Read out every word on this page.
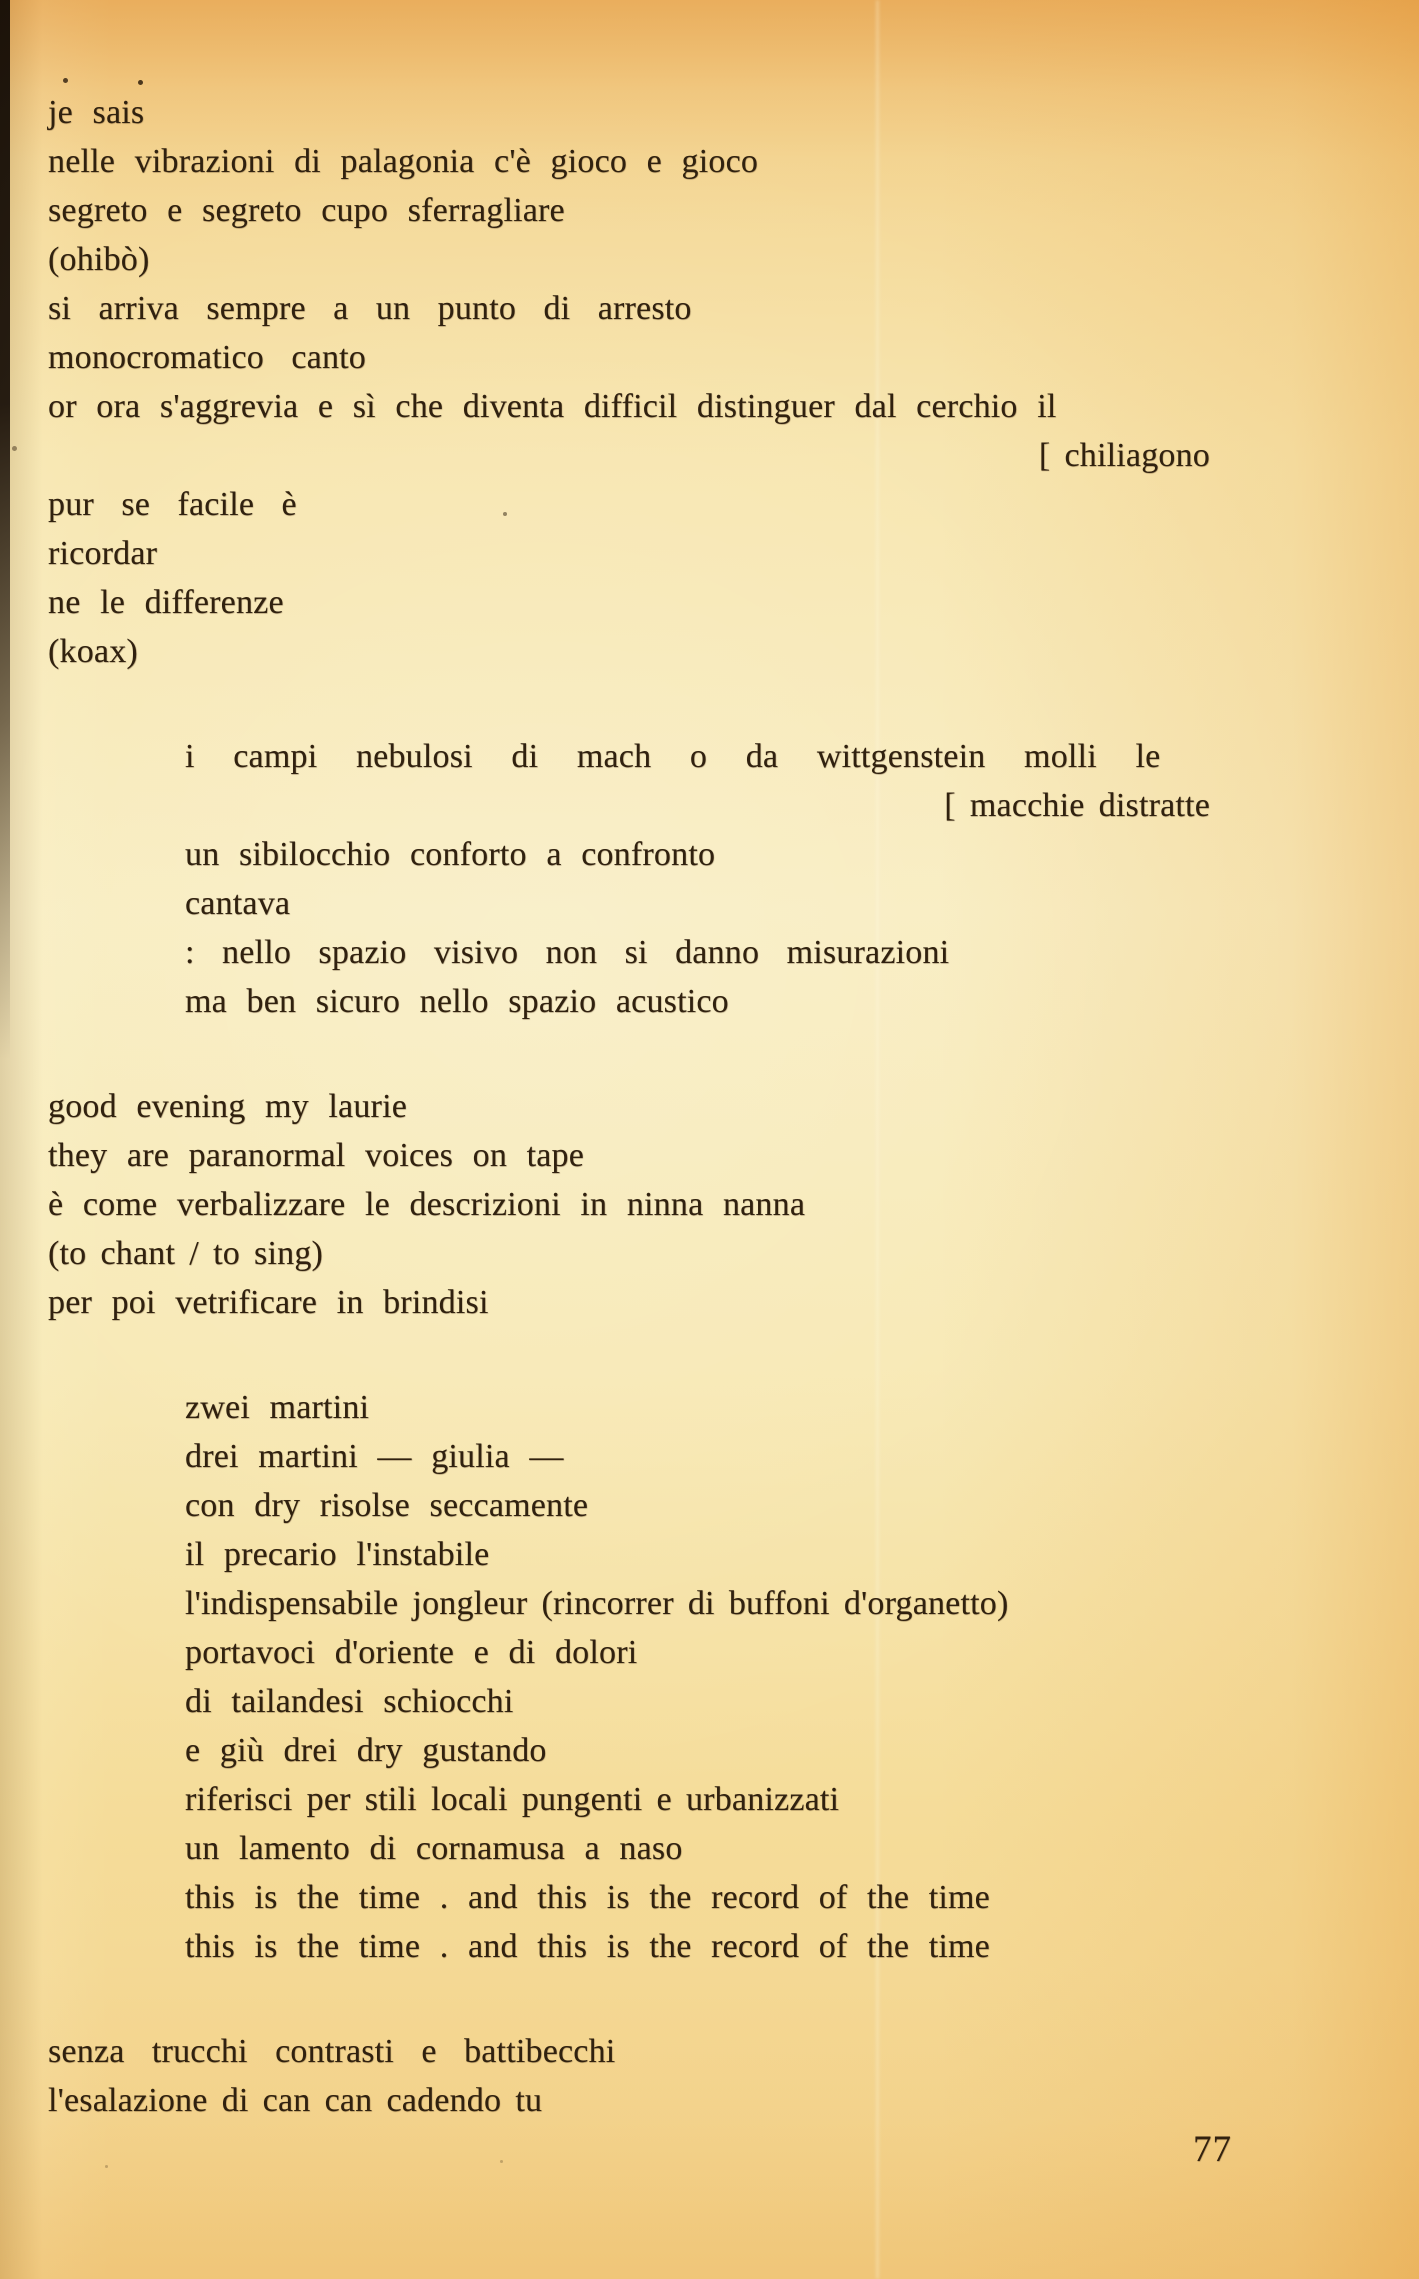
je sais
nelle vibrazioni di palagonia c'è gioco e gioco
segreto e segreto cupo sferragliare
(ohibò)
si arriva sempre a un punto di arresto
monocromatico canto
or ora s'aggrevia e sì che diventa difficil distinguer dal cerchio il
[ chiliagono
pur se facile è
ricordar
ne le differenze
(koax)
i campi nebulosi di mach o da wittgenstein molli le
[ macchie distratte
un sibilocchio conforto a confronto
cantava
: nello spazio visivo non si danno misurazioni
ma ben sicuro nello spazio acustico
good evening my laurie
they are paranormal voices on tape
è come verbalizzare le descrizioni in ninna nanna
(to chant / to sing)
per poi vetrificare in brindisi
zwei martini
drei martini — giulia —
con dry risolse seccamente
il precario l'instabile
l'indispensabile jongleur (rincorrer di buffoni d'organetto)
portavoci d'oriente e di dolori
di tailandesi schiocchi
e giù drei dry gustando
riferisci per stili locali pungenti e urbanizzati
un lamento di cornamusa a naso
this is the time . and this is the record of the time
this is the time . and this is the record of the time
senza trucchi contrasti e battibecchi
l'esalazione di can can cadendo tu
77
